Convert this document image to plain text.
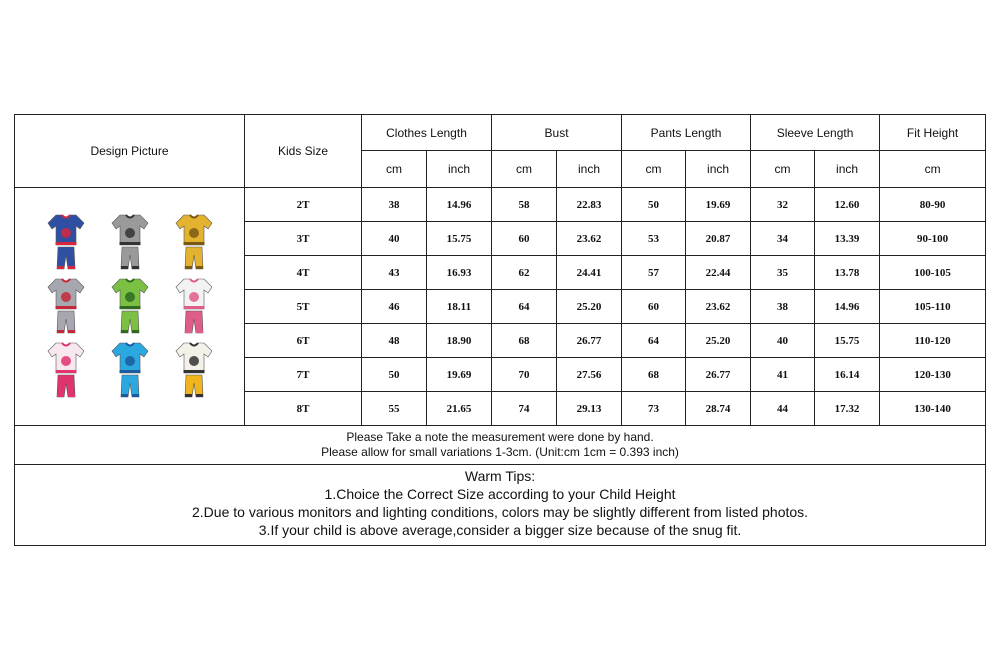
Design Picture	Kids Size	Clothes Length		Bust		Pants Length		Sleeve Length		Fit Height
		cm	inch	cm	inch	cm	inch	cm	inch	cm

	2T	38	14.96	58	22.83	50	19.69	32	12.60	80-90
	3T	40	15.75	60	23.62	53	20.87	34	13.39	90-100
	4T	43	16.93	62	24.41	57	22.44	35	13.78	100-105
	5T	46	18.11	64	25.20	60	23.62	38	14.96	105-110
	6T	48	18.90	68	26.77	64	25.20	40	15.75	110-120
	7T	50	19.69	70	27.56	68	26.77	41	16.14	120-130
	8T	55	21.65	74	29.13	73	28.74	44	17.32	130-140

Please Take a note the measurement were done by hand.
Please allow for small variations 1-3cm. (Unit:cm 1cm = 0.393 inch)										

Warm Tips:
1.Choice the Correct Size according to your Child Height
2.Due to various monitors and lighting conditions, colors may be slightly different from listed photos.
3.If your child is above average,consider a bigger size because of the snug fit.										
